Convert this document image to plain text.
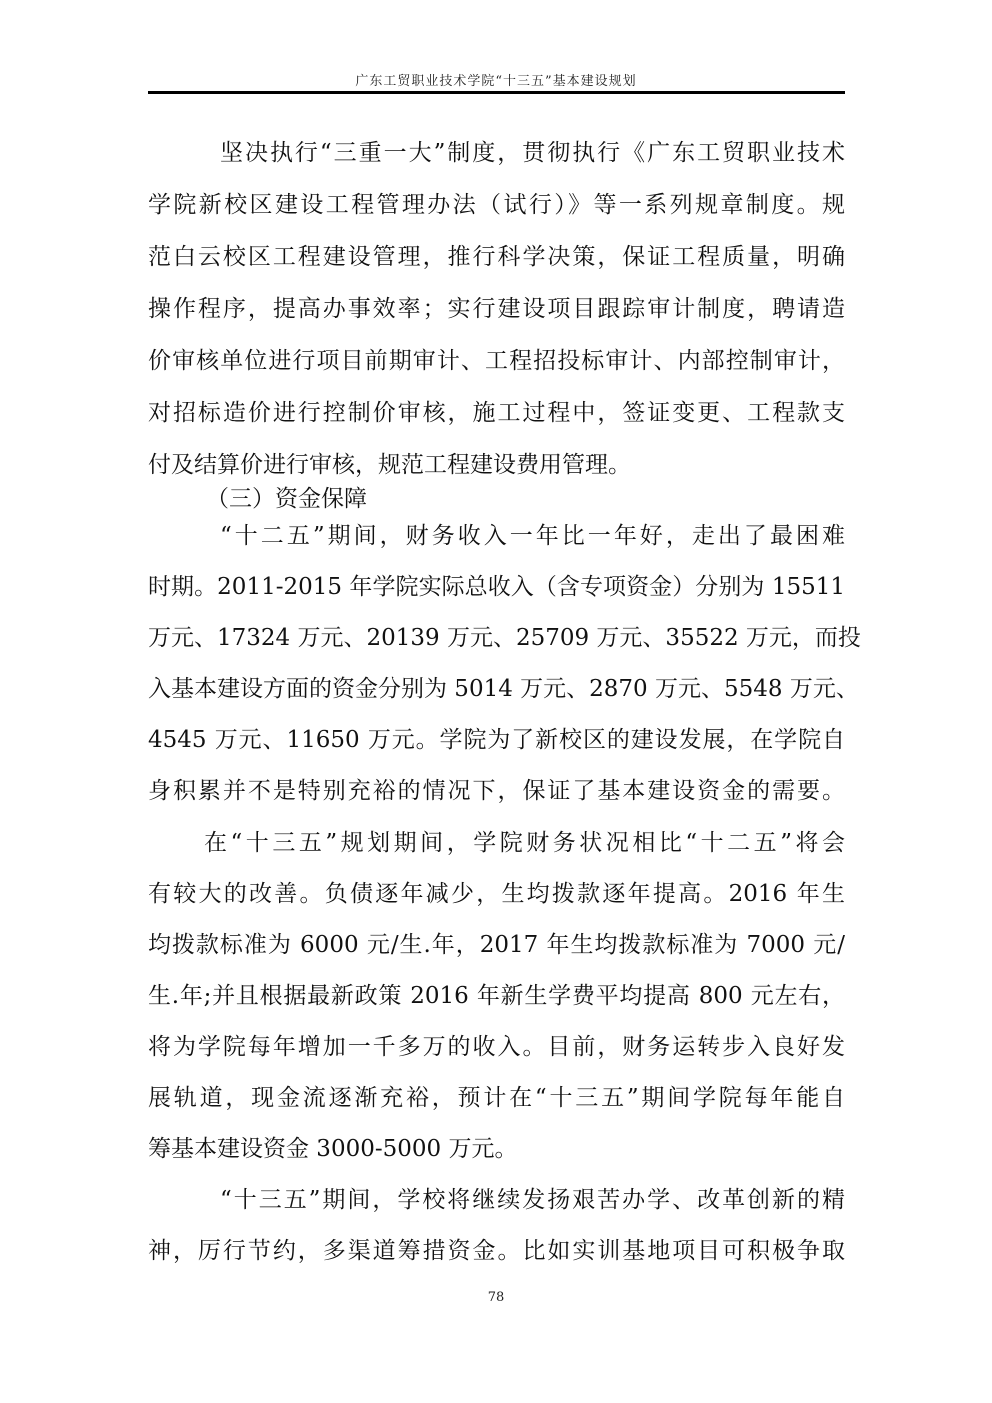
广东工贸职业技术学院“十三五”基本建设规划
坚决执行“三重一大”制度，贯彻执行《广东工贸职业技术
学院新校区建设工程管理办法（试行）》等一系列规章制度。规
范白云校区工程建设管理，推行科学决策，保证工程质量，明确
操作程序，提高办事效率；实行建设项目跟踪审计制度，聘请造
价审核单位进行项目前期审计、工程招投标审计、内部控制审计，
对招标造价进行控制价审核，施工过程中，签证变更、工程款支
付及结算价进行审核，规范工程建设费用管理。
（三）资金保障
“十二五”期间，财务收入一年比一年好，走出了最困难
时期。2011-2015 年学院实际总收入（含专项资金）分别为 15511
万元、17324 万元、20139 万元、25709 万元、35522 万元，而投
入基本建设方面的资金分别为 5014 万元、2870 万元、5548 万元、
4545 万元、11650 万元。学院为了新校区的建设发展，在学院自
身积累并不是特别充裕的情况下，保证了基本建设资金的需要。
在“十三五”规划期间，学院财务状况相比“十二五”将会
有较大的改善。负债逐年减少，生均拨款逐年提高。2016 年生
均拨款标准为 6000 元/生.年，2017 年生均拨款标准为 7000 元/
生.年;并且根据最新政策 2016 年新生学费平均提高 800 元左右，
将为学院每年增加一千多万的收入。目前，财务运转步入良好发
展轨道，现金流逐渐充裕，预计在“十三五”期间学院每年能自
筹基本建设资金 3000-5000 万元。
“十三五”期间，学校将继续发扬艰苦办学、改革创新的精
神，厉行节约，多渠道筹措资金。比如实训基地项目可积极争取
78
